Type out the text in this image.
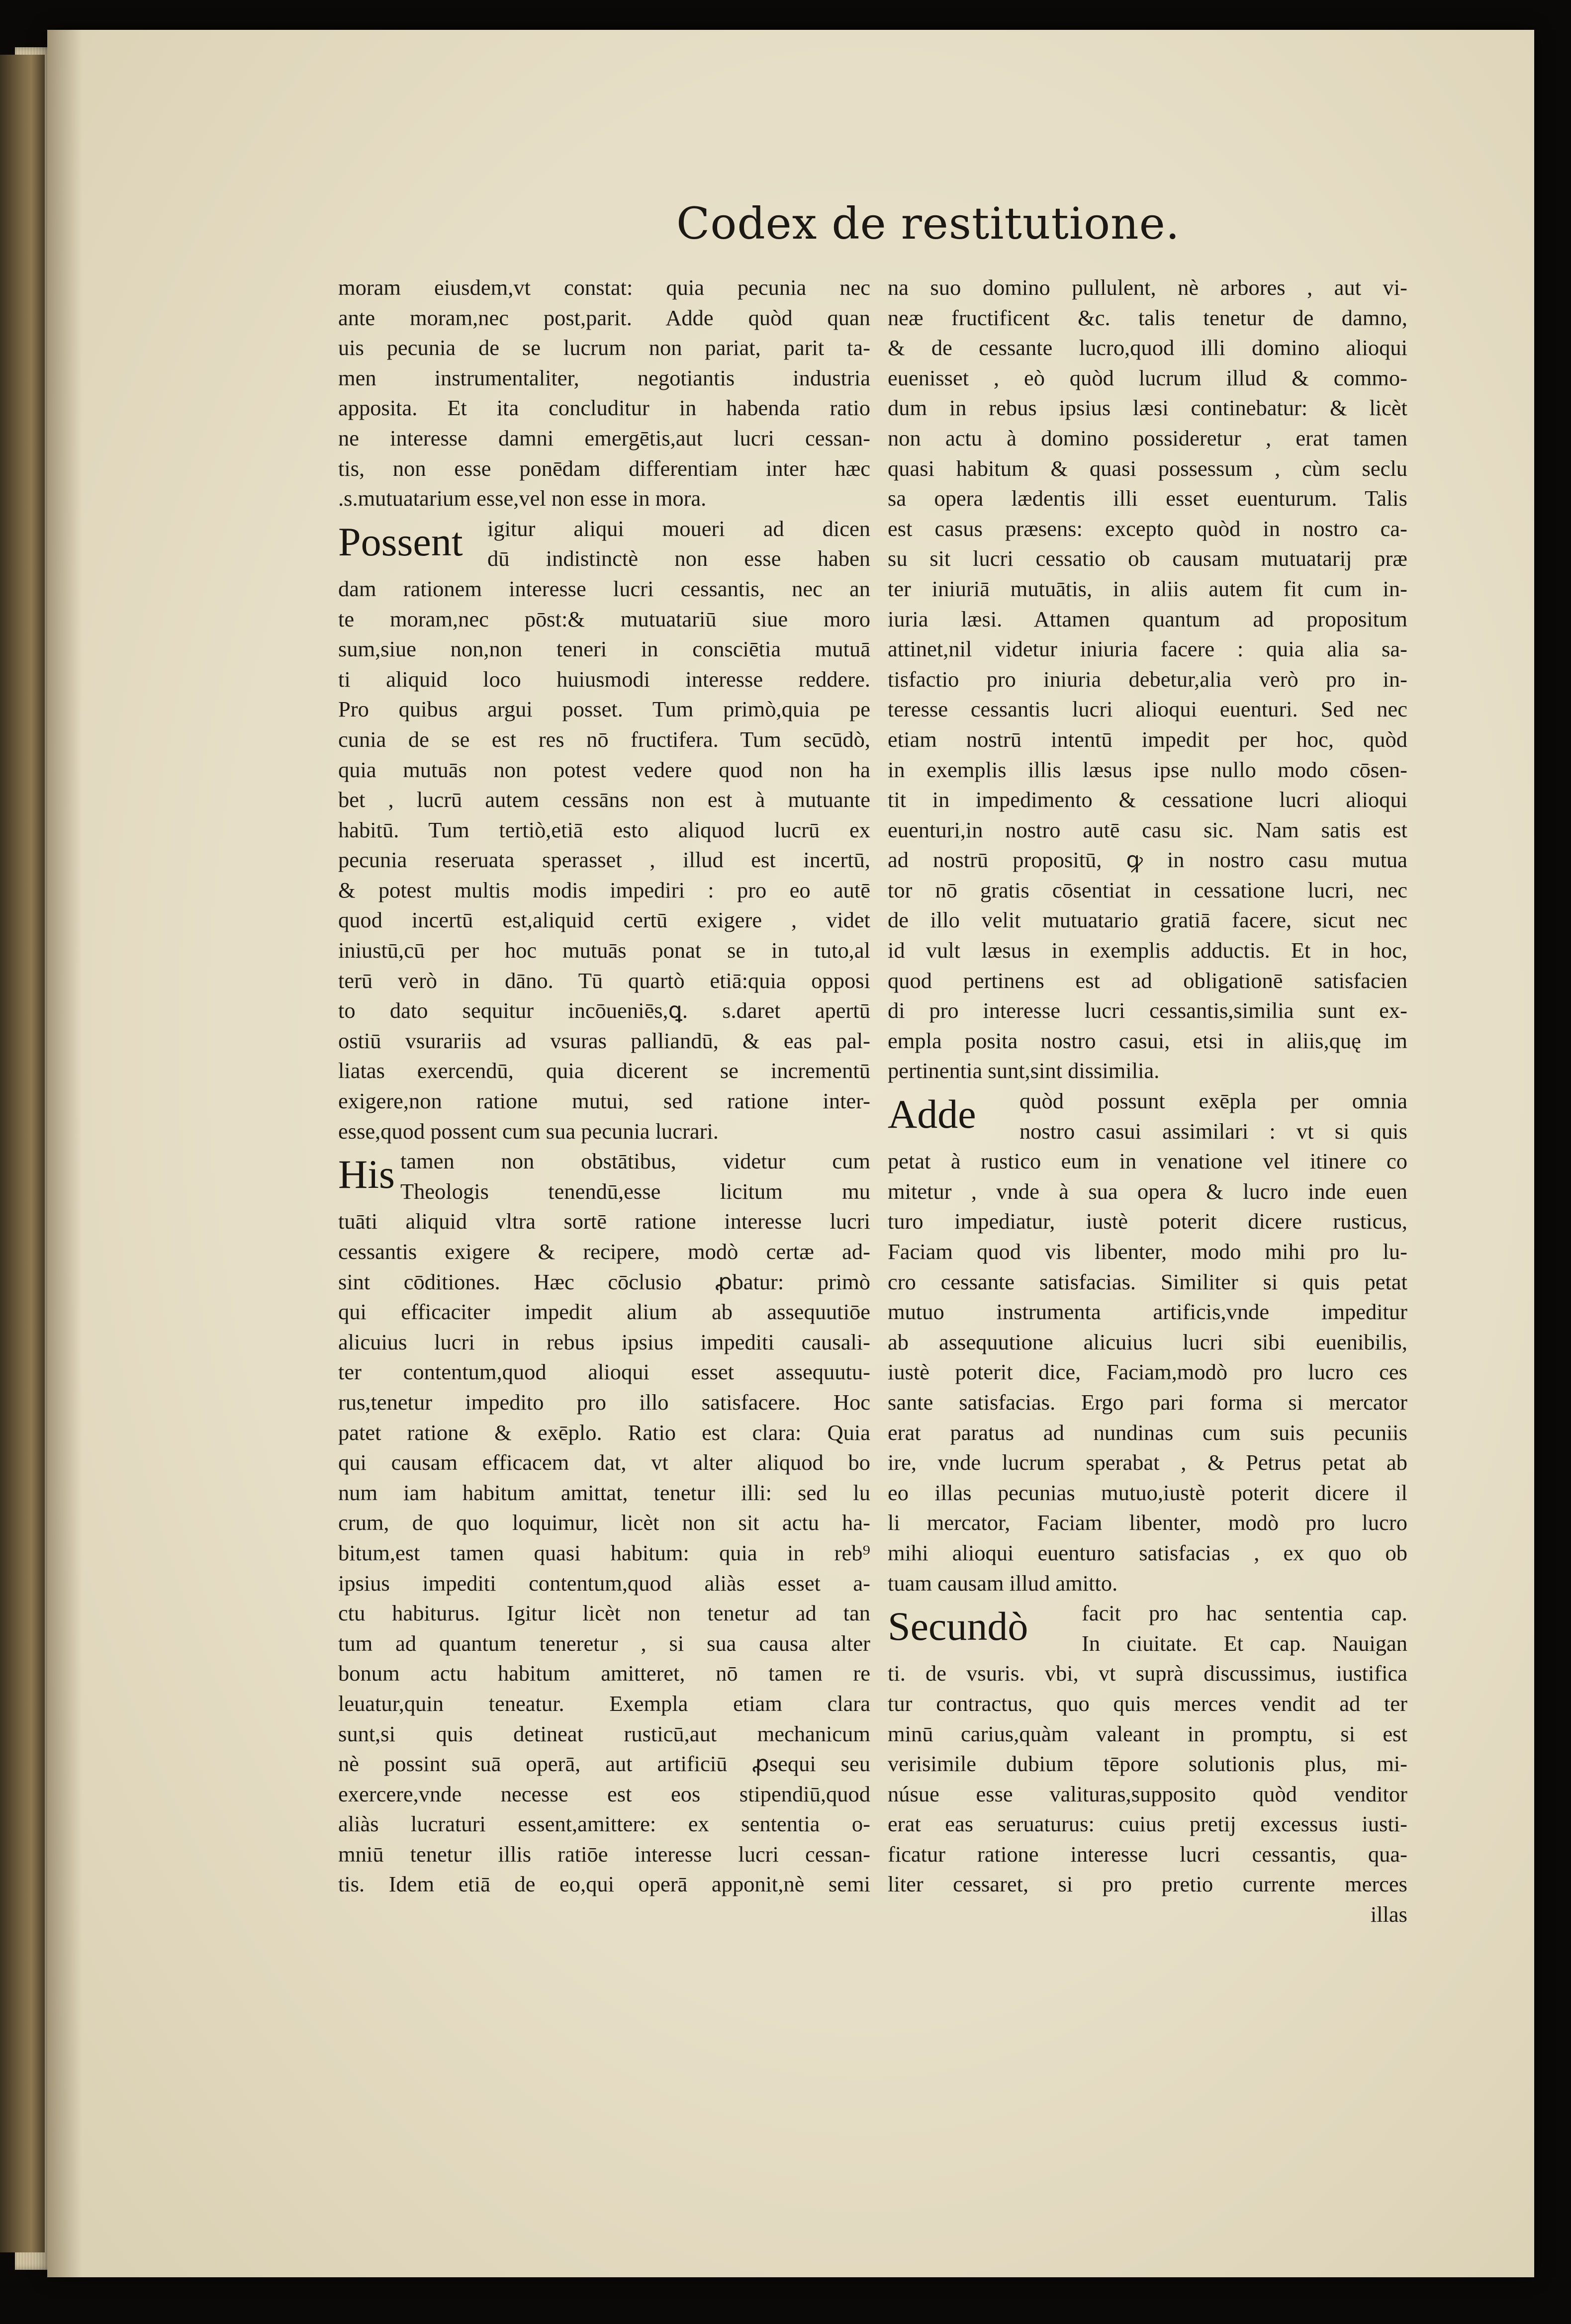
Codex de restitutione.
moram eiusdem,vt constat: quia pecunia nec
ante moram,nec post,parit. Adde quòd quan
uis pecunia de se lucrum non pariat, parit ta-
men instrumentaliter, negotiantis industria
apposita. Et ita concluditur in habenda ratio
ne interesse damni emergētis,aut lucri cessan-
tis, non esse ponēdam differentiam inter hæc
.s.mutuatarium esse,vel non esse in mora.
Possent igitur aliqui moueri ad dicen
dū indistinctè non esse haben
dam rationem interesse lucri cessantis, nec an
te moram,nec pōst:& mutuatariū siue moro
sum,siue non,non teneri in consciētia mutuā
ti aliquid loco huiusmodi interesse reddere.
Pro quibus argui posset. Tum primò,quia pe
cunia de se est res nō fructifera. Tum secūdò,
quia mutuās non potest vedere quod non ha
bet , lucrū autem cessāns non est à mutuante
habitū. Tum tertiò,etiā esto aliquod lucrū ex
pecunia reseruata sperasset , illud est incertū,
& potest multis modis impediri : pro eo autē
quod incertū est,aliquid certū exigere , videt
iniustū,cū per hoc mutuās ponat se in tuto,al
terū verò in dāno. Tū quartò etiā:quia opposi
to dato sequitur incōueniēs,ꝗ. s.daret apertū
ostiū vsurariis ad vsuras palliandū, & eas pal-
liatas exercendū, quia dicerent se incrementū
exigere,non ratione mutui, sed ratione inter-
esse,quod possent cum sua pecunia lucrari.
His tamen non obstātibus, videtur cum
Theologis tenendū,esse licitum mu
tuāti aliquid vltra sortē ratione interesse lucri
cessantis exigere & recipere, modò certæ ad-
sint cōditiones. Hæc cōclusio ꝓbatur: primò
qui efficaciter impedit alium ab assequutiōe
alicuius lucri in rebus ipsius impediti causali-
ter contentum,quod alioqui esset assequutu-
rus,tenetur impedito pro illo satisfacere. Hoc
patet ratione & exēplo. Ratio est clara: Quia
qui causam efficacem dat, vt alter aliquod bo
num iam habitum amittat, tenetur illi: sed lu
crum, de quo loquimur, licèt non sit actu ha-
bitum,est tamen quasi habitum: quia in reb⁹
ipsius impediti contentum,quod aliàs esset a-
ctu habiturus. Igitur licèt non tenetur ad tan
tum ad quantum teneretur , si sua causa alter
bonum actu habitum amitteret, nō tamen re
leuatur,quin teneatur. Exempla etiam clara
sunt,si quis detineat rusticū,aut mechanicum
nè possint suā operā, aut artificiū ꝓsequi seu
exercere,vnde necesse est eos stipendiū,quod
aliàs lucraturi essent,amittere: ex sententia o-
mniū tenetur illis ratiōe interesse lucri cessan-
tis. Idem etiā de eo,qui operā apponit,nè semi
na suo domino pullulent, nè arbores , aut vi-
neæ fructificent &c. talis tenetur de damno,
& de cessante lucro,quod illi domino alioqui
euenisset , eò quòd lucrum illud & commo-
dum in rebus ipsius læsi continebatur: & licèt
non actu à domino possideretur , erat tamen
quasi habitum & quasi possessum , cùm seclu
sa opera lædentis illi esset euenturum. Talis
est casus præsens: excepto quòd in nostro ca-
su sit lucri cessatio ob causam mutuatarij præ
ter iniuriā mutuātis, in aliis autem fit cum in-
iuria læsi. Attamen quantum ad propositum
attinet,nil videtur iniuria facere : quia alia sa-
tisfactio pro iniuria debetur,alia verò pro in-
teresse cessantis lucri alioqui euenturi. Sed nec
etiam nostrū intentū impedit per hoc, quòd
in exemplis illis læsus ipse nullo modo cōsen-
tit in impedimento & cessatione lucri alioqui
euenturi,in nostro autē casu sic. Nam satis est
ad nostrū propositū, ꝙ in nostro casu mutua
tor nō gratis cōsentiat in cessatione lucri, nec
de illo velit mutuatario gratiā facere, sicut nec
id vult læsus in exemplis adductis. Et in hoc,
quod pertinens est ad obligationē satisfacien
di pro interesse lucri cessantis,similia sunt ex-
empla posita nostro casui, etsi in aliis,quę im
pertinentia sunt,sint dissimilia.
Adde quòd possunt exēpla per omnia
nostro casui assimilari : vt si quis
petat à rustico eum in venatione vel itinere co
mitetur , vnde à sua opera & lucro inde euen
turo impediatur, iustè poterit dicere rusticus,
Faciam quod vis libenter, modo mihi pro lu-
cro cessante satisfacias. Similiter si quis petat
mutuo instrumenta artificis,vnde impeditur
ab assequutione alicuius lucri sibi euenibilis,
iustè poterit dice, Faciam,modò pro lucro ces
sante satisfacias. Ergo pari forma si mercator
erat paratus ad nundinas cum suis pecuniis
ire, vnde lucrum sperabat , & Petrus petat ab
eo illas pecunias mutuo,iustè poterit dicere il
li mercator, Faciam libenter, modò pro lucro
mihi alioqui euenturo satisfacias , ex quo ob
tuam causam illud amitto.
Secundò facit pro hac sententia cap.
In ciuitate. Et cap. Nauigan
ti. de vsuris. vbi, vt suprà discussimus, iustifica
tur contractus, quo quis merces vendit ad ter
minū carius,quàm valeant in promptu, si est
verisimile dubium tēpore solutionis plus, mi-
núsue esse valituras,supposito quòd venditor
erat eas seruaturus: cuius pretij excessus iusti-
ficatur ratione interesse lucri cessantis, qua-
liter cessaret, si pro pretio currente merces
illas
